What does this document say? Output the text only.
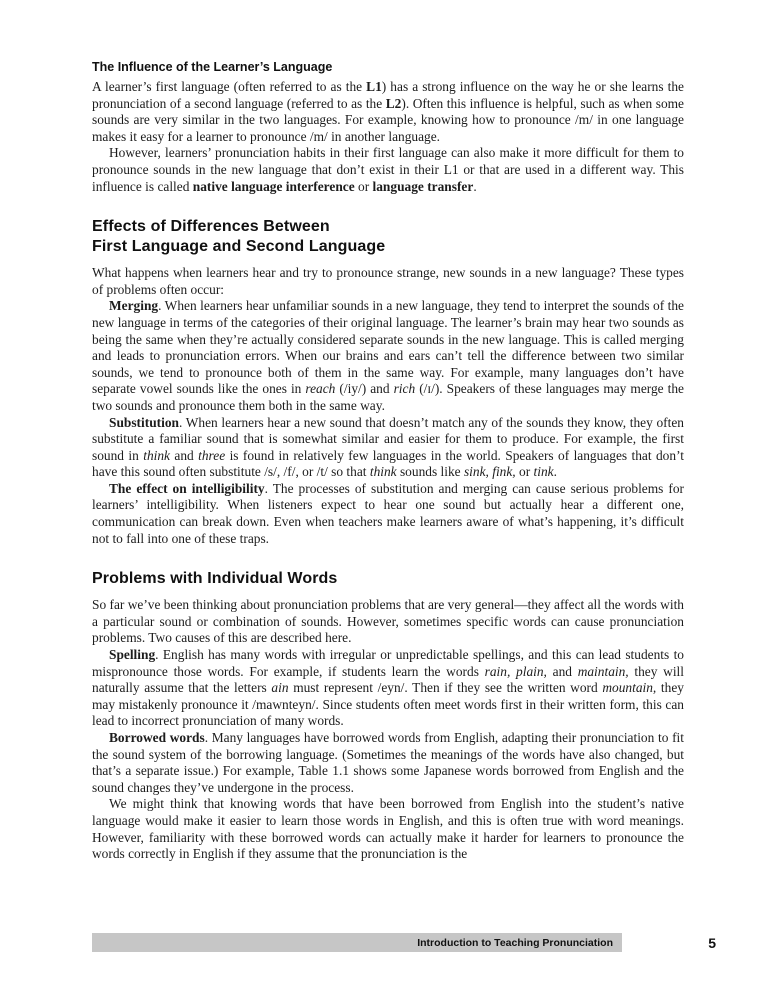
The Influence of the Learner’s Language

A learner’s first language (often referred to as the L1) has a strong influence on the way he or she learns the pronunciation of a second language (referred to as the L2). Often this influence is helpful, such as when some sounds are very similar in the two languages. For example, knowing how to pronounce /m/ in one language makes it easy for a learner to pronounce /m/ in another language.

However, learners’ pronunciation habits in their first language can also make it more difficult for them to pronounce sounds in the new language that don’t exist in their L1 or that are used in a different way. This influence is called native language interference or language transfer.

Effects of Differences Between
First Language and Second Language

What happens when learners hear and try to pronounce strange, new sounds in a new language? These types of problems often occur:

Merging. When learners hear unfamiliar sounds in a new language, they tend to interpret the sounds of the new language in terms of the categories of their original language. The learner’s brain may hear two sounds as being the same when they’re actually considered separate sounds in the new language. This is called merging and leads to pronunciation errors. When our brains and ears can’t tell the difference between two similar sounds, we tend to pronounce both of them in the same way. For example, many languages don’t have separate vowel sounds like the ones in reach (/iy/) and rich (/ɪ/). Speakers of these languages may merge the two sounds and pronounce them both in the same way.

Substitution. When learners hear a new sound that doesn’t match any of the sounds they know, they often substitute a familiar sound that is somewhat similar and easier for them to produce. For example, the first sound in think and three is found in relatively few languages in the world. Speakers of languages that don’t have this sound often substitute /s/, /f/, or /t/ so that think sounds like sink, fink, or tink.

The effect on intelligibility. The processes of substitution and merging can cause serious problems for learners’ intelligibility. When listeners expect to hear one sound but actually hear a different one, communication can break down. Even when teachers make learners aware of what’s happening, it’s difficult not to fall into one of these traps.

Problems with Individual Words

So far we’ve been thinking about pronunciation problems that are very general—they affect all the words with a particular sound or combination of sounds. However, sometimes specific words can cause pronunciation problems. Two causes of this are described here.

Spelling. English has many words with irregular or unpredictable spellings, and this can lead students to mispronounce those words. For example, if students learn the words rain, plain, and maintain, they will naturally assume that the letters ain must represent /eyn/. Then if they see the written word mountain, they may mistakenly pronounce it /mawnteyn/. Since students often meet words first in their written form, this can lead to incorrect pronunciation of many words.

Borrowed words. Many languages have borrowed words from English, adapting their pronunciation to fit the sound system of the borrowing language. (Sometimes the meanings of the words have also changed, but that’s a separate issue.) For example, Table 1.1 shows some Japanese words borrowed from English and the sound changes they’ve undergone in the process.

We might think that knowing words that have been borrowed from English into the student’s native language would make it easier to learn those words in English, and this is often true with word meanings. However, familiarity with these borrowed words can actually make it harder for learners to pronounce the words correctly in English if they assume that the pronunciation is the

Introduction to Teaching Pronunciation	5
